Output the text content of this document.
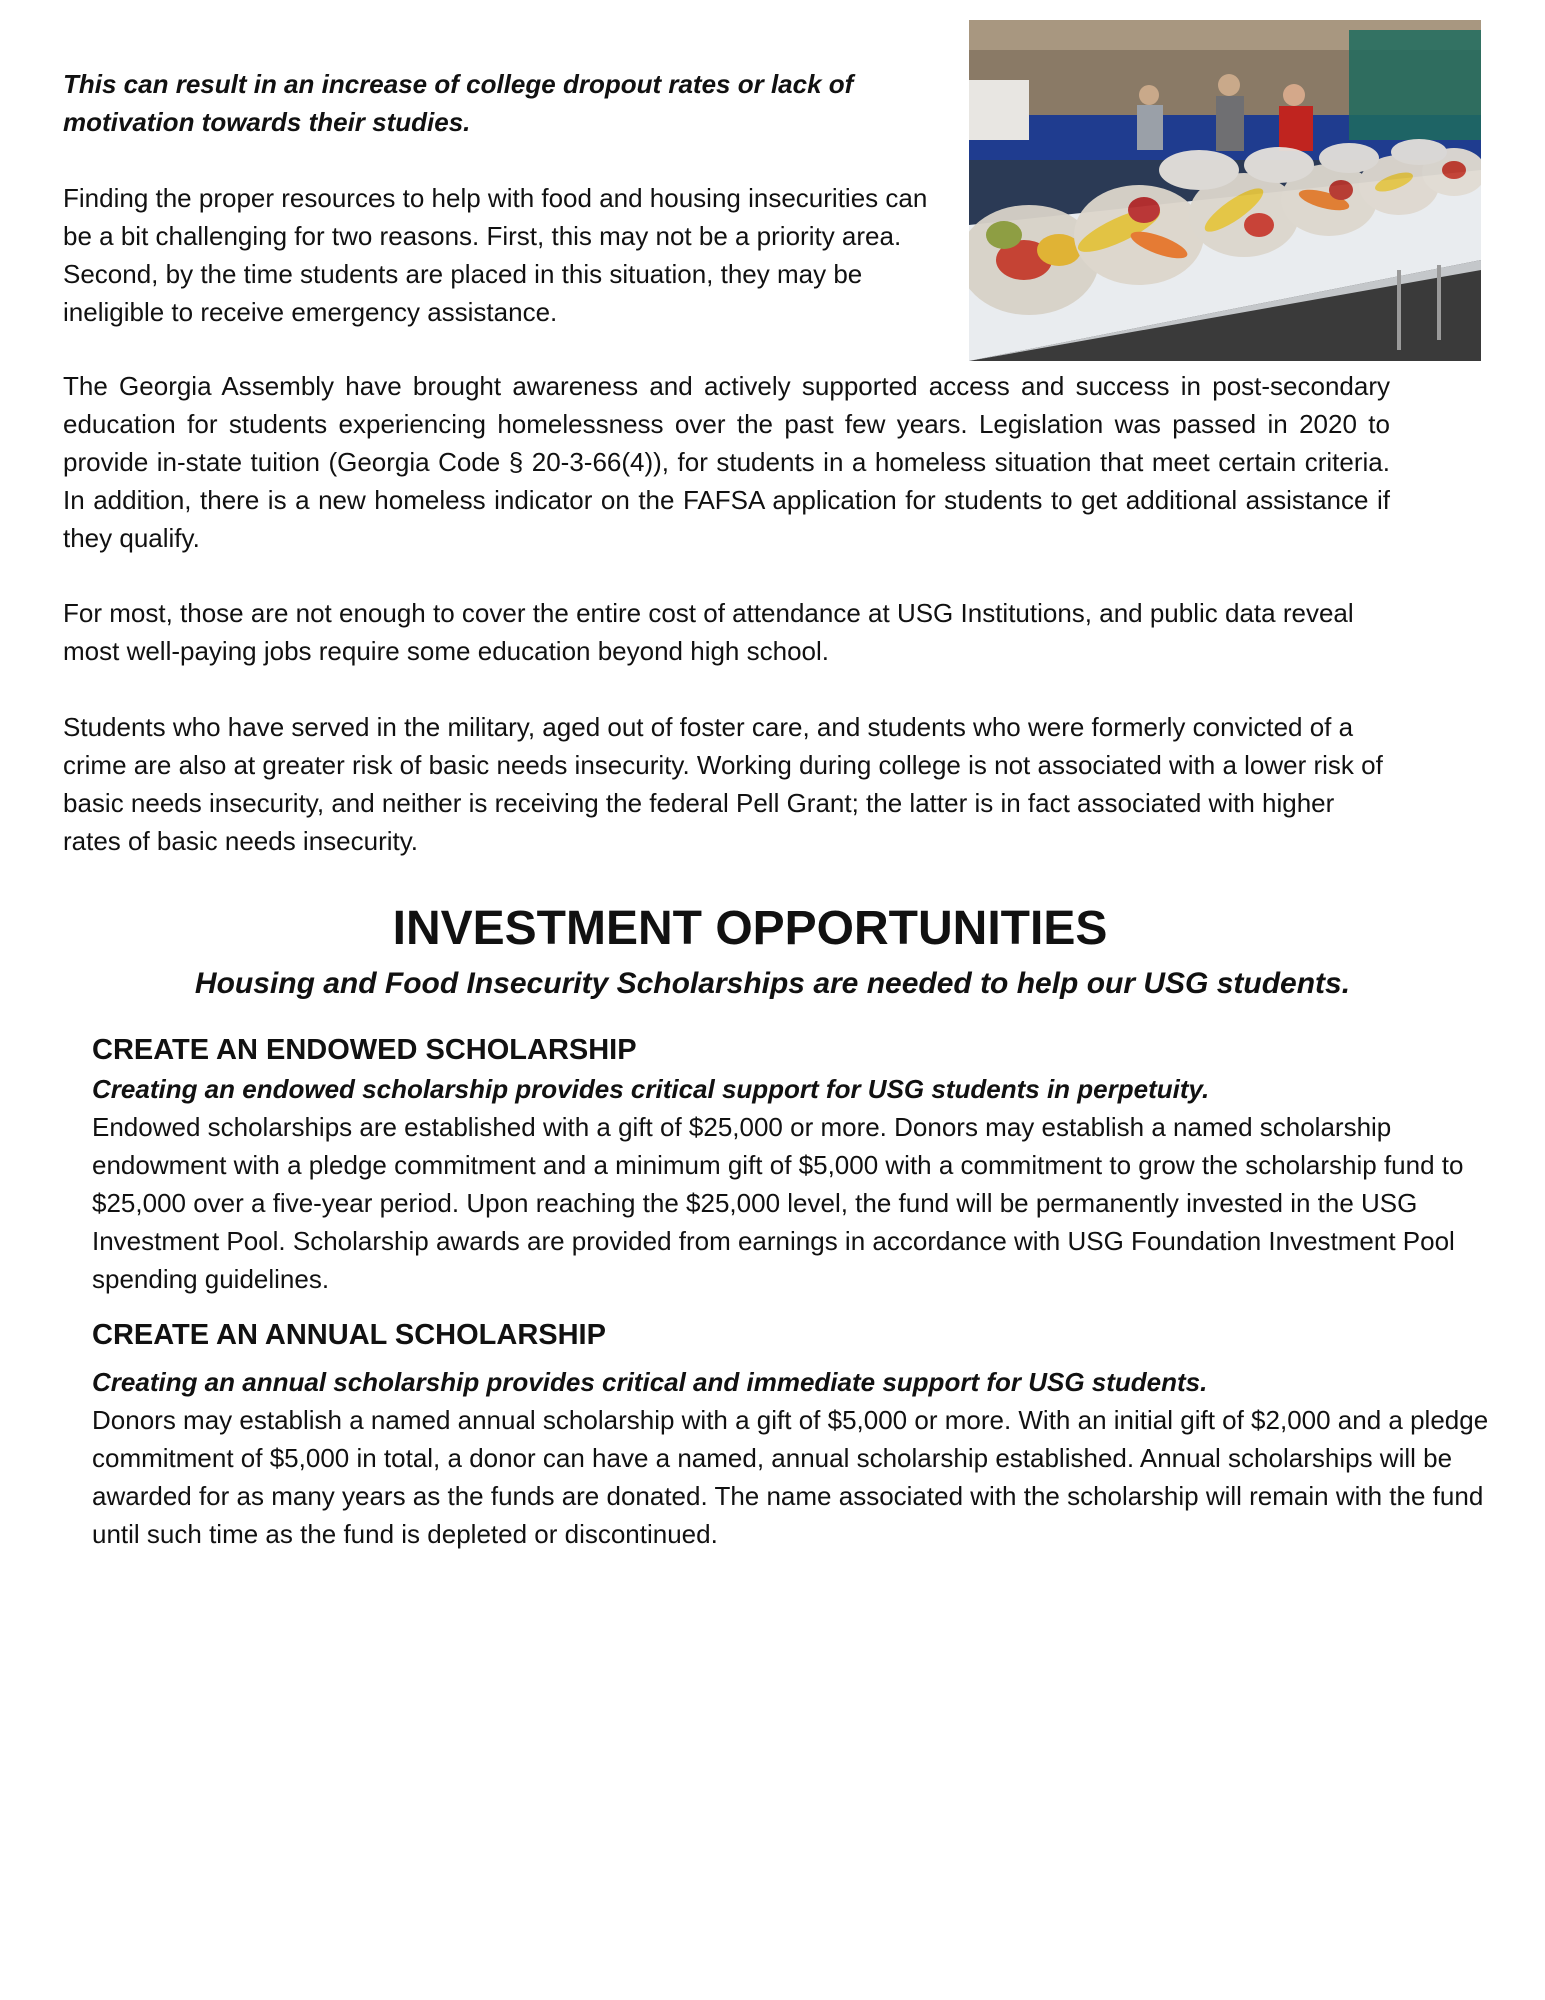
This can result in an increase of college dropout rates or lack of motivation towards their studies.

Finding the proper resources to help with food and housing insecurities can be a bit challenging for two reasons. First, this may not be a priority area. Second, by the time students are placed in this situation, they may be ineligible to receive emergency assistance.

The Georgia Assembly have brought awareness and actively supported access and success in post-secondary education for students experiencing homelessness over the past few years. Legislation was passed in 2020 to provide in-state tuition (Georgia Code § 20-3-66(4)), for students in a homeless situation that meet certain criteria. In addition, there is a new homeless indicator on the FAFSA application for students to get additional assistance if they qualify.

For most, those are not enough to cover the entire cost of attendance at USG Institutions, and public data reveal most well-paying jobs require some education beyond high school.

Students who have served in the military, aged out of foster care, and students who were formerly convicted of a crime are also at greater risk of basic needs insecurity. Working during college is not associated with a lower risk of basic needs insecurity, and neither is receiving the federal Pell Grant; the latter is in fact associated with higher rates of basic needs insecurity.

INVESTMENT OPPORTUNITIES
Housing and Food Insecurity Scholarships are needed to help our USG students.

CREATE AN ENDOWED SCHOLARSHIP

Creating an endowed scholarship provides critical support for USG students in perpetuity.

Endowed scholarships are established with a gift of $25,000 or more. Donors may establish a named scholarship endowment with a pledge commitment and a minimum gift of $5,000 with a commitment to grow the scholarship fund to $25,000 over a five-year period. Upon reaching the $25,000 level, the fund will be permanently invested in the USG Investment Pool. Scholarship awards are provided from earnings in accordance with USG Foundation Investment Pool spending guidelines.

CREATE AN ANNUAL SCHOLARSHIP

Creating an annual scholarship provides critical and immediate support for USG students.

Donors may establish a named annual scholarship with a gift of $5,000 or more. With an initial gift of $2,000 and a pledge commitment of $5,000 in total, a donor can have a named, annual scholarship established. Annual scholarships will be awarded for as many years as the funds are donated. The name associated with the scholarship will remain with the fund until such time as the fund is depleted or discontinued.
